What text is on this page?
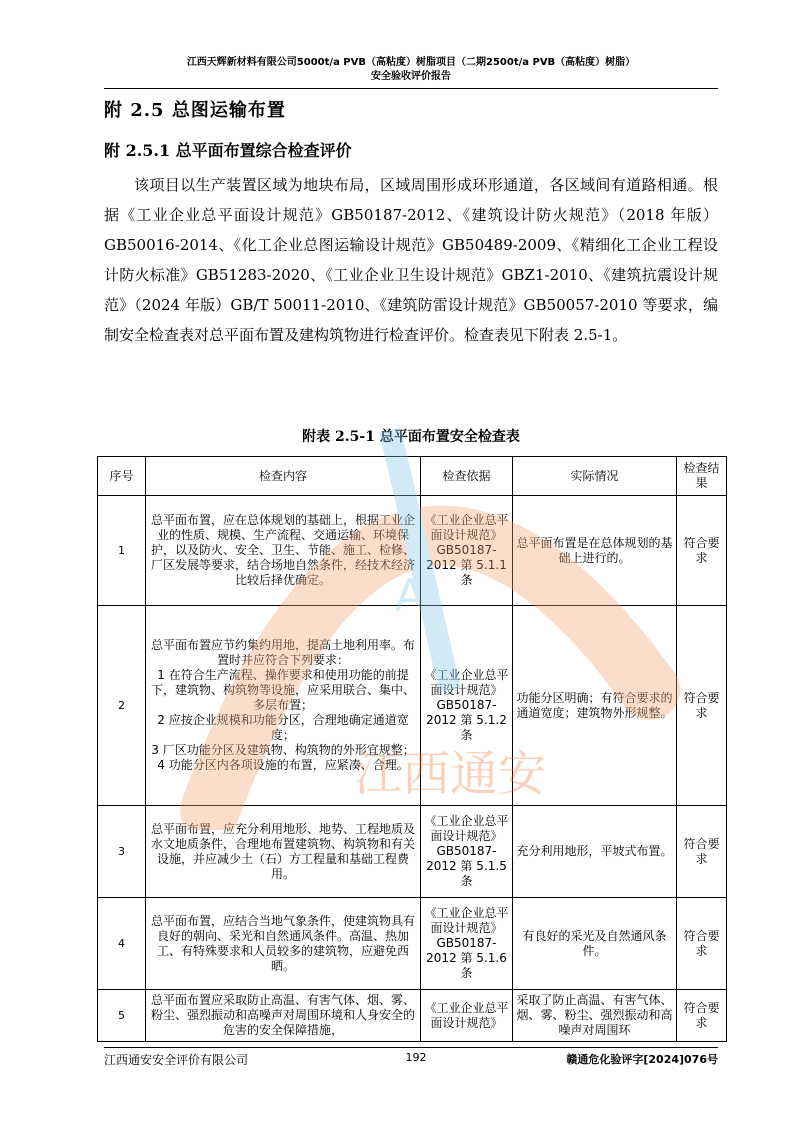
江西天辉新材料有限公司5000t/a PVB（高粘度）树脂项目（二期2500t/a PVB（高粘度）树脂）
安全验收评价报告
附 2.5 总图运输布置
附 2.5.1 总平面布置综合检查评价
该项目以生产装置区域为地块布局，区域周围形成环形通道，各区域间有道路相通。根据《工业企业总平面设计规范》GB50187-2012、《建筑设计防火规范》（2018 年版）GB50016-2014、《化工企业总图运输设计规范》GB50489-2009、《精细化工企业工程设计防火标准》GB51283-2020、《工业企业卫生设计规范》GBZ1-2010、《建筑抗震设计规范》（2024 年版）GB/T 50011-2010、《建筑防雷设计规范》GB50057-2010 等要求，编制安全检查表对总平面布置及建构筑物进行检查评价。检查表见下附表 2.5-1。
附表 2.5-1 总平面布置安全检查表
序号	检查内容	检查依据	实际情况	检查结果
1	总平面布置，应在总体规划的基础上，根据工业企业的性质、规模、生产流程、交通运输、环境保护，以及防火、安全、卫生、节能、施工、检修、厂区发展等要求，结合场地自然条件，经技术经济比较后择优确定。	《工业企业总平面设计规范》GB50187-2012 第 5.1.1 条	总平面布置是在总体规划的基础上进行的。	符合要求
2	总平面布置应节约集约用地，提高土地利用率。布置时并应符合下列要求：
1 在符合生产流程、操作要求和使用功能的前提下，建筑物、构筑物等设施，应采用联合、集中、多层布置；
2 应按企业规模和功能分区，合理地确定通道宽度；
3 厂区功能分区及建筑物、构筑物的外形宜规整；
4 功能分区内各项设施的布置，应紧凑、合理。	《工业企业总平面设计规范》GB50187-2012 第 5.1.2 条	功能分区明确；有符合要求的通道宽度；建筑物外形规整。	符合要求
3	总平面布置，应充分利用地形、地势、工程地质及水文地质条件，合理地布置建筑物、构筑物和有关设施，并应减少土（石）方工程量和基础工程费用。	《工业企业总平面设计规范》GB50187-2012 第 5.1.5 条	充分利用地形，平坡式布置。	符合要求
4	总平面布置，应结合当地气象条件，使建筑物具有良好的朝向、采光和自然通风条件。高温、热加工、有特殊要求和人员较多的建筑物，应避免西晒。	《工业企业总平面设计规范》GB50187-2012 第 5.1.6 条	有良好的采光及自然通风条件。	符合要求
5	总平面布置应采取防止高温、有害气体、烟、雾、粉尘、强烈振动和高噪声对周围环境和人身安全的危害的安全保障措施，	《工业企业总平面设计规范》	采取了防止高温、有害气体、烟、雾、粉尘、强烈振动和高噪声对周围环	符合要求
A
江西通安
江西通安安全评价有限公司	192	赣通危化验评字[2024]076号
